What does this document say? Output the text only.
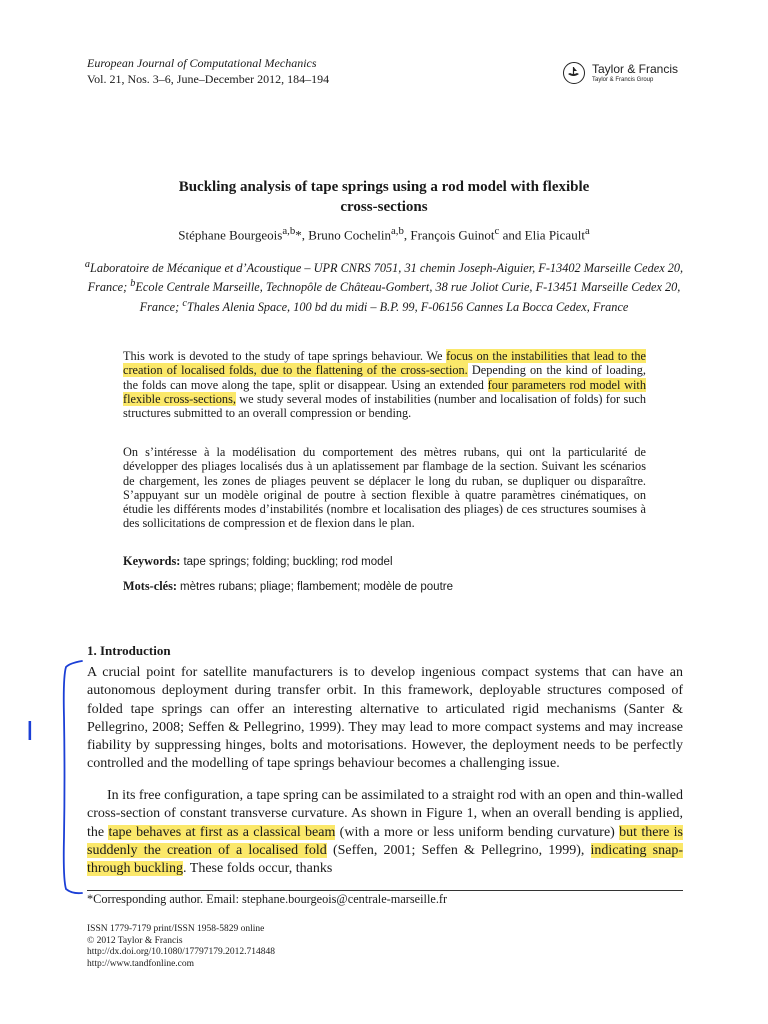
European Journal of Computational Mechanics
Vol. 21, Nos. 3–6, June–December 2012, 184–194
Taylor & Francis
Taylor & Francis Group
Buckling analysis of tape springs using a rod model with flexible
cross-sections
Stéphane Bourgeois$^{a,b}$*, Bruno Cochelin$^{a,b}$, François Guinot$^c$ and Elia Picault$^a$
$^a$Laboratoire de Mécanique et d’Acoustique – UPR CNRS 7051, 31 chemin Joseph-Aiguier, F-13402 Marseille Cedex 20, France; $^b$Ecole Centrale Marseille, Technopôle de Château-Gombert, 38 rue Joliot Curie, F-13451 Marseille Cedex 20, France; $^c$Thales Alenia Space, 100 bd du midi – B.P. 99, F-06156 Cannes La Bocca Cedex, France
This work is devoted to the study of tape springs behaviour. We focus on the instabilities that lead to the creation of localised folds, due to the flattening of the cross-section. Depending on the kind of loading, the folds can move along the tape, split or disappear. Using an extended four parameters rod model with flexible cross-sections, we study several modes of instabilities (number and localisation of folds) for such structures submitted to an overall compression or bending.
On s’intéresse à la modélisation du comportement des mètres rubans, qui ont la particularité de développer des pliages localisés dus à un aplatissement par flambage de la section. Suivant les scénarios de chargement, les zones de pliages peuvent se déplacer le long du ruban, se dupliquer ou disparaître. S’appuyant sur un modèle original de poutre à section flexible à quatre paramètres cinématiques, on étudie les différents modes d’instabilités (nombre et localisation des pliages) de ces structures soumises à des sollicitations de compression et de flexion dans le plan.
Keywords: tape springs; folding; buckling; rod model
Mots-clés: mètres rubans; pliage; flambement; modèle de poutre
1. Introduction
A crucial point for satellite manufacturers is to develop ingenious compact systems that can have an autonomous deployment during transfer orbit. In this framework, deployable structures composed of folded tape springs can offer an interesting alternative to articulated rigid mechanisms (Santer & Pellegrino, 2008; Seffen & Pellegrino, 1999). They may lead to more compact systems and may increase fiability by suppressing hinges, bolts and motorisations. However, the deployment needs to be perfectly controlled and the modelling of tape springs behaviour becomes a challenging issue.
In its free configuration, a tape spring can be assimilated to a straight rod with an open and thin-walled cross-section of constant transverse curvature. As shown in Figure 1, when an overall bending is applied, the tape behaves at first as a classical beam (with a more or less uniform bending curvature) but there is suddenly the creation of a localised fold (Seffen, 2001; Seffen & Pellegrino, 1999), indicating snap-through buckling. These folds occur, thanks
*Corresponding author. Email: stephane.bourgeois@centrale-marseille.fr
ISSN 1779-7179 print/ISSN 1958-5829 online
© 2012 Taylor & Francis
http://dx.doi.org/10.1080/17797179.2012.714848
http://www.tandfonline.com
I
